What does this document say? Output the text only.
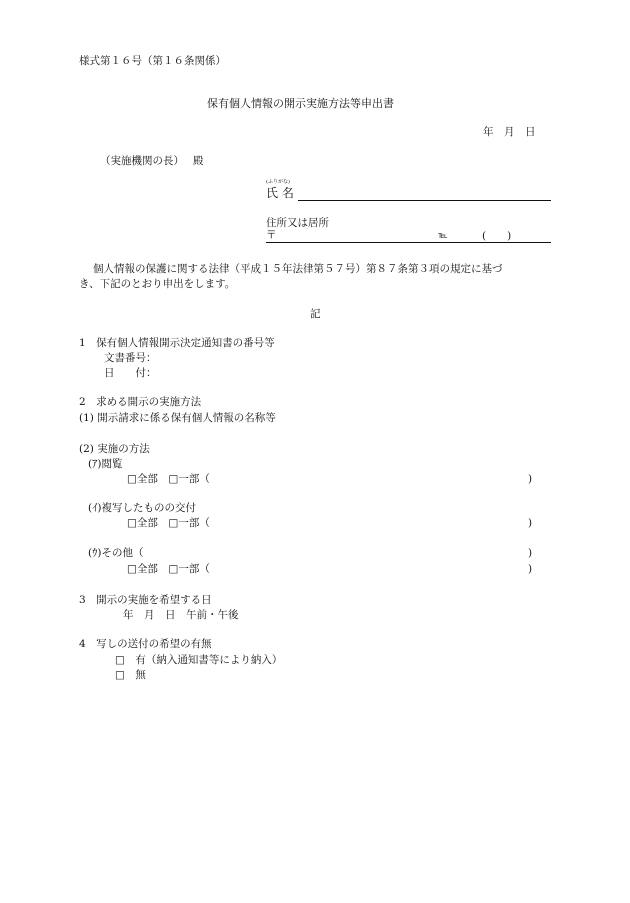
様式第１６号（第１６条関係）
保有個人情報の開示実施方法等申出書
年　月　日
（実施機関の長） 殿
(ふりがな)
氏 名
住所又は居所
〒	℡	(　　)
個人情報の保護に関する法律（平成１５年法律第５７号）第８７条第３項の規定に基づ
き、下記のとおり申出をします。
記
1　保有個人情報開示決定通知書の番号等
文書番号：
日　　付：
2　求める開示の実施方法
(1) 開示請求に係る保有個人情報の名称等
(2) 実施の方法
(ｱ)閲覧
□全部　□一部（	)
(ｲ)複写したものの交付
□全部　□一部（	)
(ｳ)その他（	)
□全部　□一部（	)
3　開示の実施を希望する日
年　月　日　午前・午後
4　写しの送付の希望の有無
□　有（納入通知書等により納入）
□　無
